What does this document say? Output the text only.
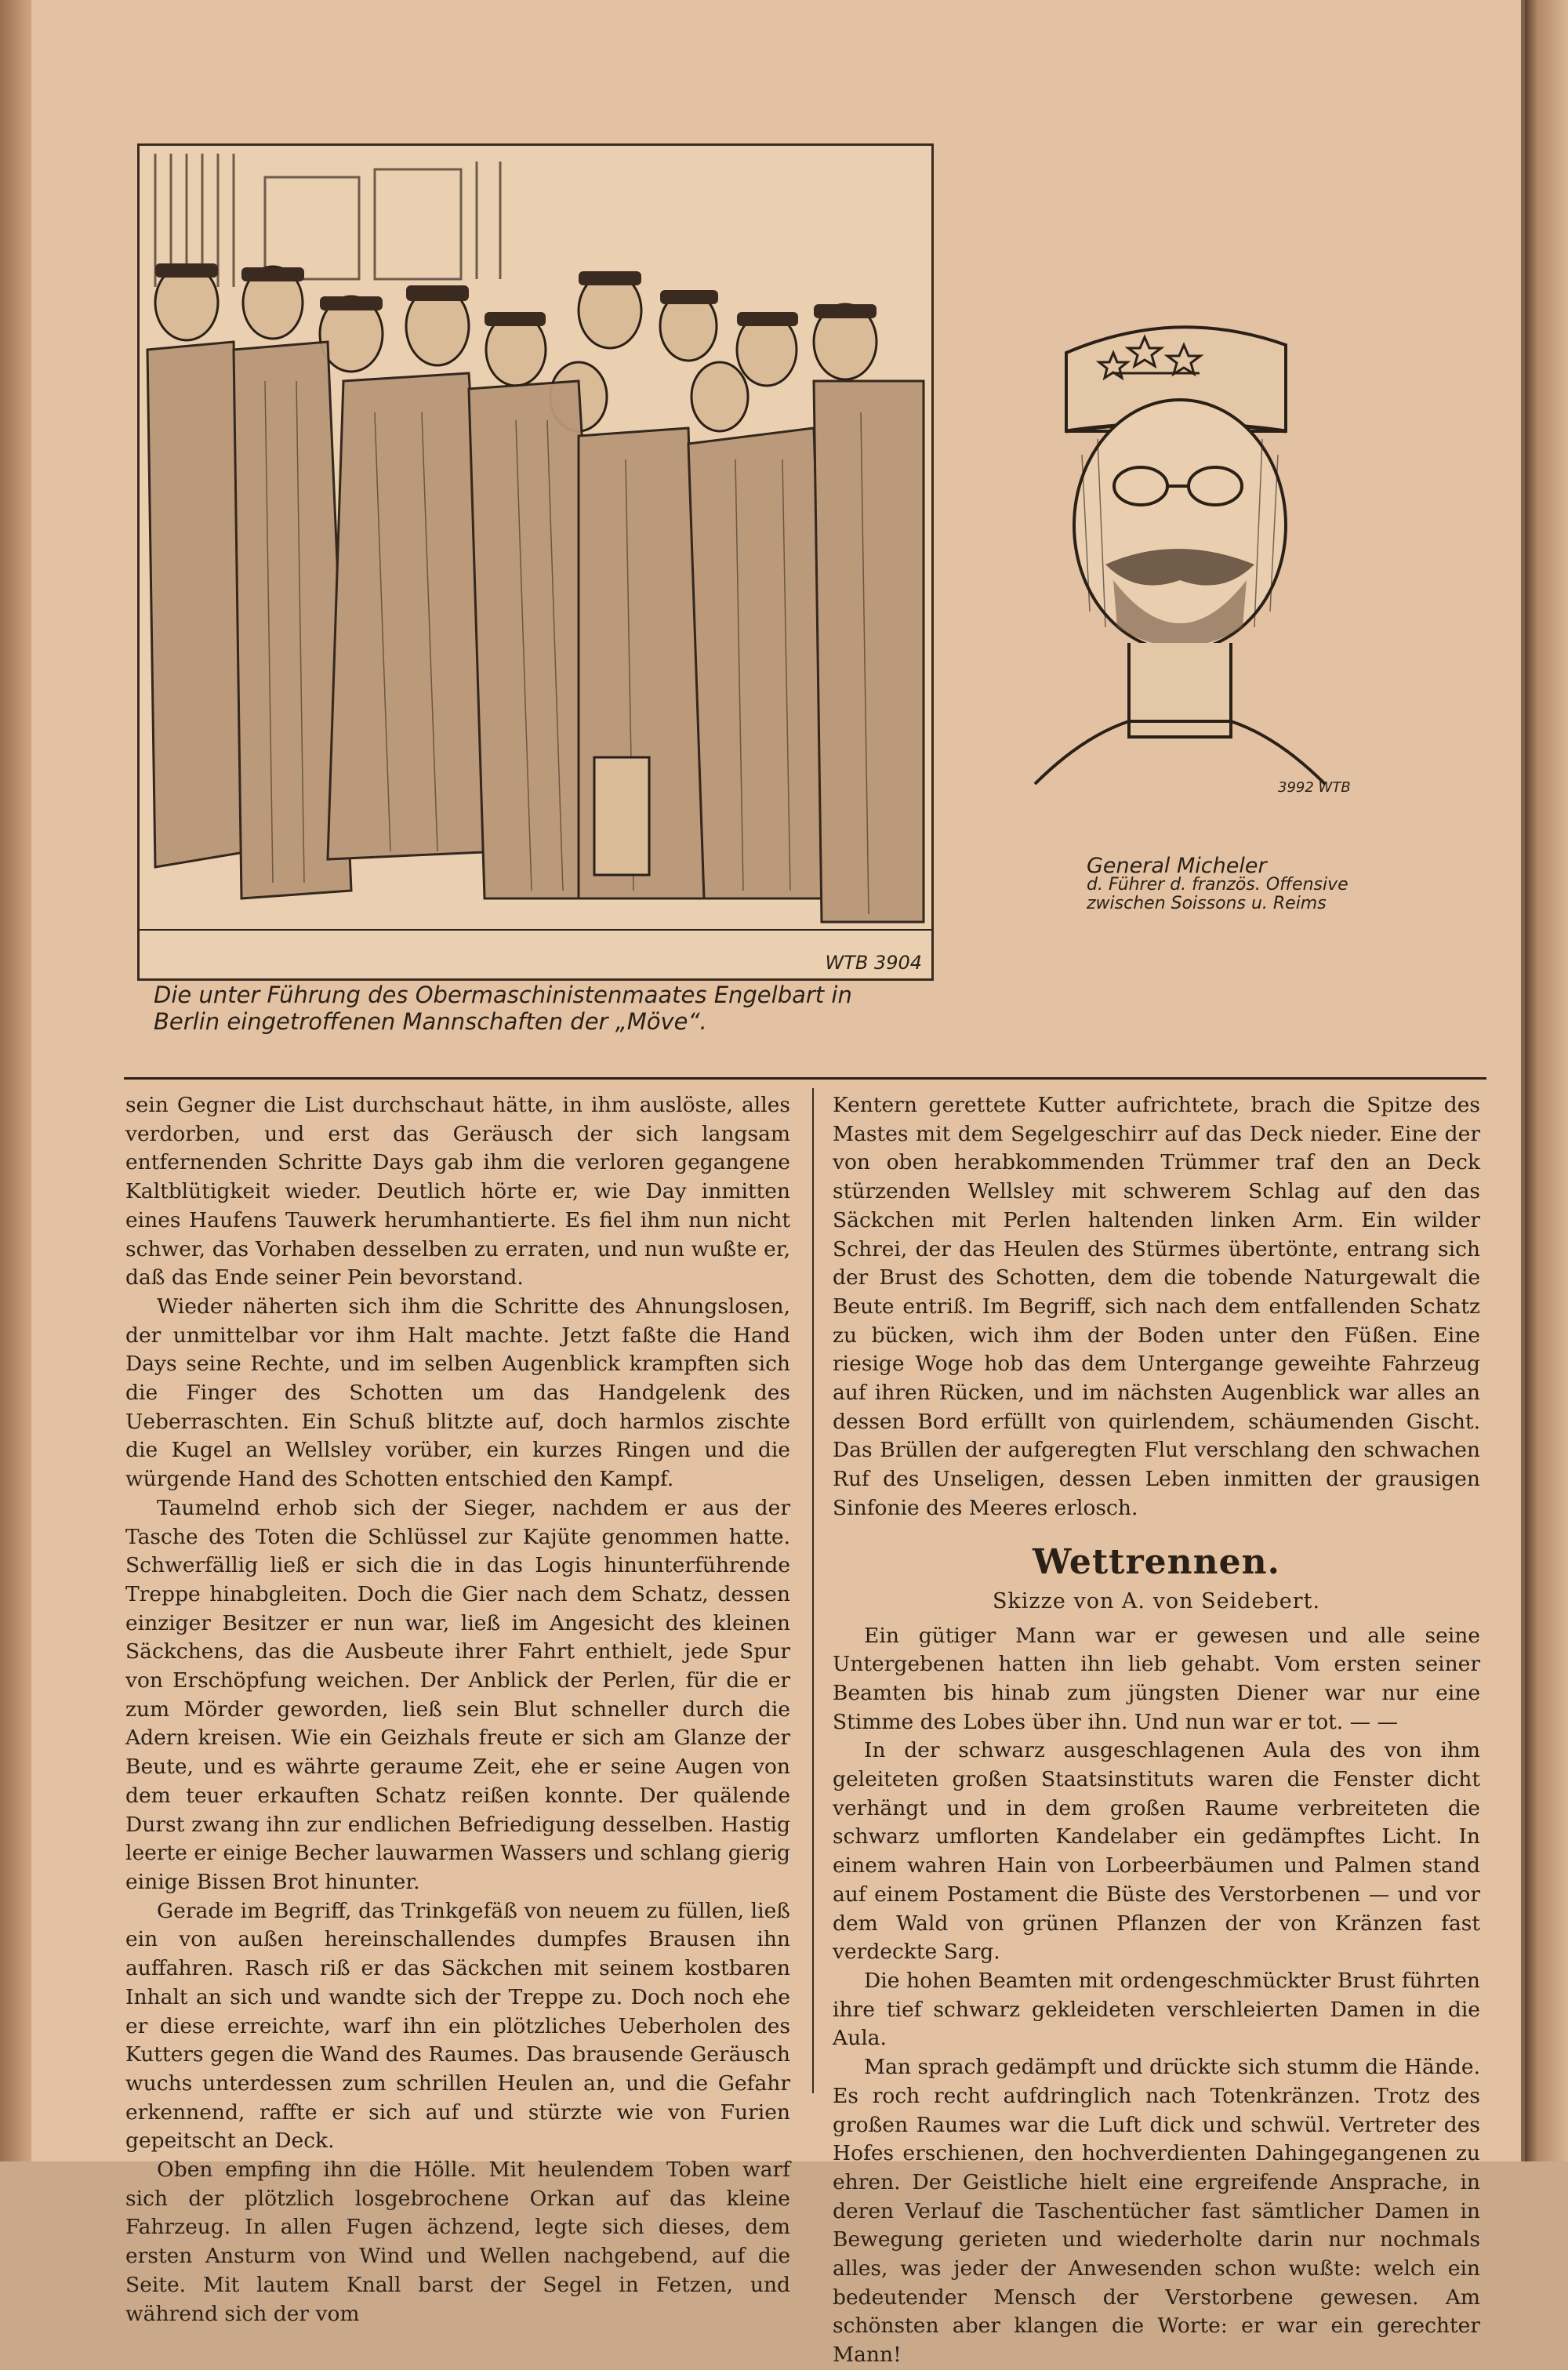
WTB 3904
Die unter Führung des Obermaschinistenmaates Engelbart in Berlin eingetroffenen Mannschaften der „Möve“.
3992 WTB
General Micheler
d. Führer d. französ. Offensive zwischen Soissons u. Reims

sein Gegner die List durchschaut hätte, in ihm auslöste, alles verdorben, und erst das Geräusch der sich langsam entfernenden Schritte Days gab ihm die verloren gegangene Kaltblütigkeit wieder. Deutlich hörte er, wie Day inmitten eines Haufens Tauwerk herumhantierte. Es fiel ihm nun nicht schwer, das Vorhaben desselben zu erraten, und nun wußte er, daß das Ende seiner Pein bevorstand.

Wieder näherten sich ihm die Schritte des Ahnungslosen, der unmittelbar vor ihm Halt machte. Jetzt faßte die Hand Days seine Rechte, und im selben Augenblick krampften sich die Finger des Schotten um das Handgelenk des Ueberraschten. Ein Schuß blitzte auf, doch harmlos zischte die Kugel an Wellsley vorüber, ein kurzes Ringen und die würgende Hand des Schotten entschied den Kampf.

Taumelnd erhob sich der Sieger, nachdem er aus der Tasche des Toten die Schlüssel zur Kajüte genommen hatte. Schwerfällig ließ er sich die in das Logis hinunterführende Treppe hinabgleiten. Doch die Gier nach dem Schatz, dessen einziger Besitzer er nun war, ließ im Angesicht des kleinen Säckchens, das die Ausbeute ihrer Fahrt enthielt, jede Spur von Erschöpfung weichen. Der Anblick der Perlen, für die er zum Mörder geworden, ließ sein Blut schneller durch die Adern kreisen. Wie ein Geizhals freute er sich am Glanze der Beute, und es währte geraume Zeit, ehe er seine Augen von dem teuer erkauften Schatz reißen konnte. Der quälende Durst zwang ihn zur endlichen Befriedigung desselben. Hastig leerte er einige Becher lauwarmen Wassers und schlang gierig einige Bissen Brot hinunter.

Gerade im Begriff, das Trinkgefäß von neuem zu füllen, ließ ein von außen hereinschallendes dumpfes Brausen ihn auffahren. Rasch riß er das Säckchen mit seinem kostbaren Inhalt an sich und wandte sich der Treppe zu. Doch noch ehe er diese erreichte, warf ihn ein plötzliches Ueberholen des Kutters gegen die Wand des Raumes. Das brausende Geräusch wuchs unterdessen zum schrillen Heulen an, und die Gefahr erkennend, raffte er sich auf und stürzte wie von Furien gepeitscht an Deck.

Oben empfing ihn die Hölle. Mit heulendem Toben warf sich der plötzlich losgebrochene Orkan auf das kleine Fahrzeug. In allen Fugen ächzend, legte sich dieses, dem ersten Ansturm von Wind und Wellen nachgebend, auf die Seite. Mit lautem Knall barst der Segel in Fetzen, und während sich der vom

Kentern gerettete Kutter aufrichtete, brach die Spitze des Mastes mit dem Segelgeschirr auf das Deck nieder. Eine der von oben herabkommenden Trümmer traf den an Deck stürzenden Wellsley mit schwerem Schlag auf den das Säckchen mit Perlen haltenden linken Arm. Ein wilder Schrei, der das Heulen des Stürmes übertönte, entrang sich der Brust des Schotten, dem die tobende Naturgewalt die Beute entriß. Im Begriff, sich nach dem entfallenden Schatz zu bücken, wich ihm der Boden unter den Füßen. Eine riesige Woge hob das dem Untergange geweihte Fahrzeug auf ihren Rücken, und im nächsten Augenblick war alles an dessen Bord erfüllt von quirlendem, schäumenden Gischt. Das Brüllen der aufgeregten Flut verschlang den schwachen Ruf des Unseligen, dessen Leben inmitten der grausigen Sinfonie des Meeres erlosch.

Wettrennen.
Skizze von A. von Seidebert.

Ein gütiger Mann war er gewesen und alle seine Untergebenen hatten ihn lieb gehabt. Vom ersten seiner Beamten bis hinab zum jüngsten Diener war nur eine Stimme des Lobes über ihn. Und nun war er tot. — —

In der schwarz ausgeschlagenen Aula des von ihm geleiteten großen Staatsinstituts waren die Fenster dicht verhängt und in dem großen Raume verbreiteten die schwarz umflorten Kandelaber ein gedämpftes Licht. In einem wahren Hain von Lorbeerbäumen und Palmen stand auf einem Postament die Büste des Verstorbenen — und vor dem Wald von grünen Pflanzen der von Kränzen fast verdeckte Sarg.

Die hohen Beamten mit ordengeschmückter Brust führten ihre tief schwarz gekleideten verschleierten Damen in die Aula.

Man sprach gedämpft und drückte sich stumm die Hände. Es roch recht aufdringlich nach Totenkränzen. Trotz des großen Raumes war die Luft dick und schwül. Vertreter des Hofes erschienen, den hochverdienten Dahingegangenen zu ehren. Der Geistliche hielt eine ergreifende Ansprache, in deren Verlauf die Taschentücher fast sämtlicher Damen in Bewegung gerieten und wiederholte darin nur nochmals alles, was jeder der Anwesenden schon wußte: welch ein bedeutender Mensch der Verstorbene gewesen. Am schönsten aber klangen die Worte: er war ein gerechter Mann!
